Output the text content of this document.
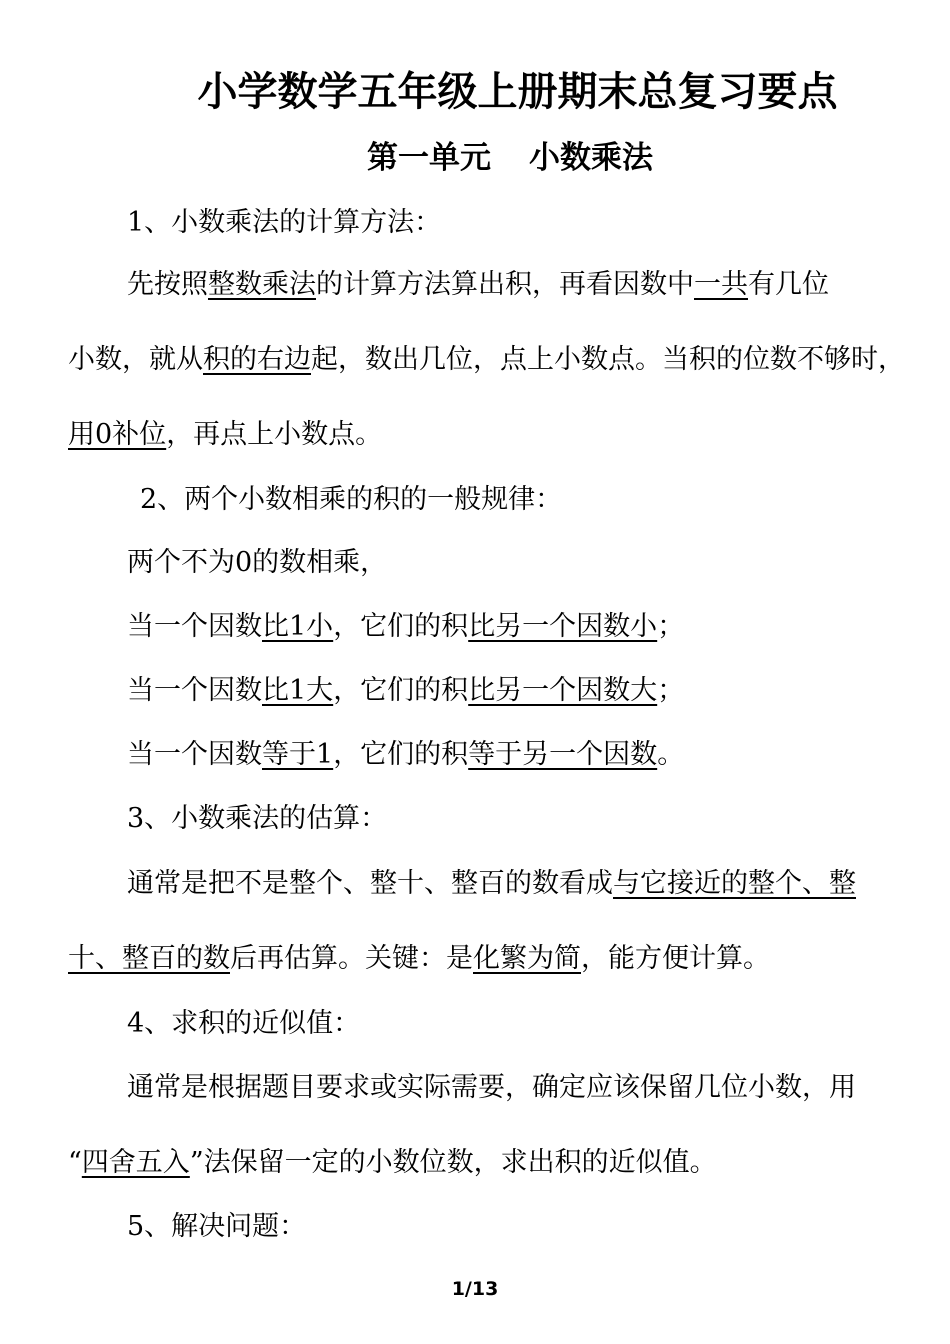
小学数学五年级上册期末总复习要点
第一单元 小数乘法
1、小数乘法的计算方法：
先按照整数乘法的计算方法算出积，再看因数中一共有几位
小数，就从积的右边起，数出几位，点上小数点。当积的位数不够时，
用0补位，再点上小数点。
2、两个小数相乘的积的一般规律：
两个不为0的数相乘，
当一个因数比1小，它们的积比另一个因数小；
当一个因数比1大，它们的积比另一个因数大；
当一个因数等于1，它们的积等于另一个因数。
3、小数乘法的估算：
通常是把不是整个、整十、整百的数看成与它接近的整个、整
十、整百的数后再估算。关键：是化繁为简，能方便计算。
4、求积的近似值：
通常是根据题目要求或实际需要，确定应该保留几位小数，用
“四舍五入”法保留一定的小数位数，求出积的近似值。
5、解决问题：
1/13
